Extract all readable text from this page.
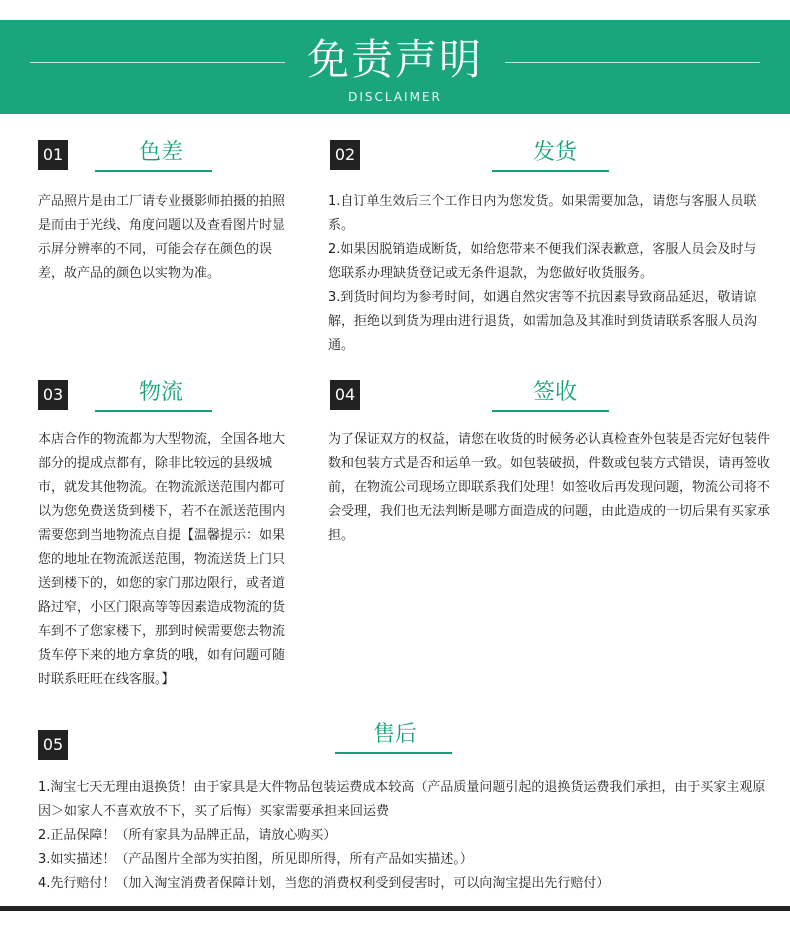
免责声明
DISCLAIMER
01	色差

产品照片是由工厂请专业摄影师拍摄的拍照是而由于光线、角度问题以及查看图片时显示屏分辨率的不同，可能会存在颜色的误差，故产品的颜色以实物为准。

02	发货

1.自订单生效后三个工作日内为您发货。如果需要加急，请您与客服人员联系。

2.如果因脱销造成断货，如给您带来不便我们深表歉意，客服人员会及时与您联系办理缺货登记或无条件退款，为您做好收货服务。

3.到货时间均为参考时间，如遇自然灾害等不抗因素导致商品延迟，敬请谅解，拒绝以到货为理由进行退货，如需加急及其准时到货请联系客服人员沟通。

03	物流

本店合作的物流都为大型物流，全国各地大部分的提成点都有，除非比较远的县级城市，就发其他物流。在物流派送范围内都可以为您免费送货到楼下，若不在派送范围内需要您到当地物流点自提【温馨提示：如果您的地址在物流派送范围，物流送货上门只送到楼下的，如您的家门那边限行，或者道路过窄，小区门限高等等因素造成物流的货车到不了您家楼下，那到时候需要您去物流货车停下来的地方拿货的哦，如有问题可随时联系旺旺在线客服。】

04	签收

为了保证双方的权益，请您在收货的时候务必认真检查外包装是否完好包装件数和包装方式是否和运单一致。如包装破损，件数或包装方式错误，请再签收前，在物流公司现场立即联系我们处理！如签收后再发现问题，物流公司将不会受理，我们也无法判断是哪方面造成的问题，由此造成的一切后果有买家承担。

05	售后

1.淘宝七天无理由退换货！由于家具是大件物品包装运费成本较高（产品质量问题引起的退换货运费我们承担，由于买家主观原因＞如家人不喜欢放不下，买了后悔）买家需要承担来回运费

2.正品保障！（所有家具为品牌正品，请放心购买）

3.如实描述！（产品图片全部为实拍图，所见即所得，所有产品如实描述。）

4.先行赔付！（加入淘宝消费者保障计划，当您的消费权利受到侵害时，可以向淘宝提出先行赔付）
